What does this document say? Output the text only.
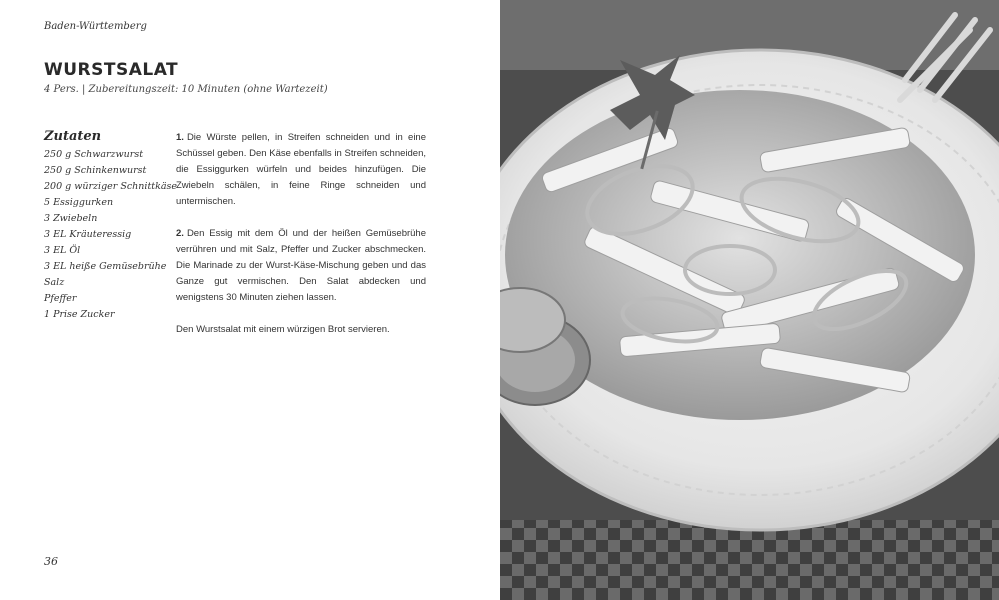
Baden-Württemberg
WURSTSALAT
4 Pers. | Zubereitungszeit: 10 Minuten (ohne Wartezeit)
Zutaten
250 g Schwarzwurst
250 g Schinkenwurst
200 g würziger Schnittkäse
5 Essiggurken
3 Zwiebeln
3 EL Kräuteressig
3 EL Öl
3 EL heiße Gemüsebrühe
Salz
Pfeffer
1 Prise Zucker

1. Die Würste pellen, in Streifen schneiden und in eine Schüssel geben. Den Käse ebenfalls in Streifen schneiden, die Essiggurken würfeln und beides hinzufügen. Die Zwiebeln schälen, in feine Ringe schneiden und untermischen.

2. Den Essig mit dem Öl und der heißen Gemüsebrühe verrühren und mit Salz, Pfeffer und Zucker abschmecken. Die Marinade zu der Wurst-Käse-Mischung geben und das Ganze gut vermischen. Den Salat abdecken und wenigstens 30 Minuten ziehen lassen.

Den Wurstsalat mit einem würzigen Brot servieren.

36
